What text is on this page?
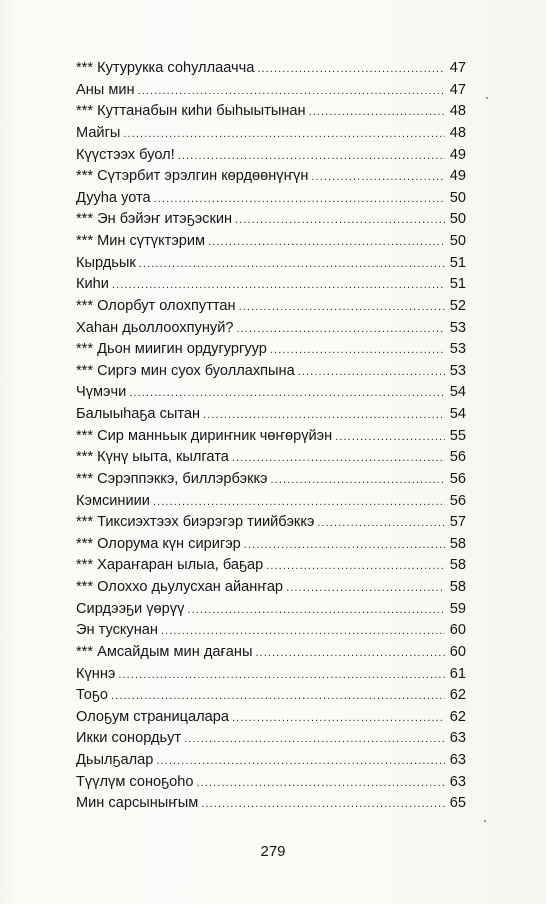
*** Кутурукка соһуллаачча .....	47
Аны мин .....	47
*** Куттанабын киһи быһыытынан .....	48
Майгы .....	48
Күүстээх буол! .....	49
*** Сүтэрбит эрэлгин көрдөөнүҥүн .....	49
Дууһа уота .....	50
*** Эн бэйэҥ итэҕэскин .....	50
*** Мин сүтүктэрим .....	50
Кырдьык .....	51
Киһи .....	51
*** Олорбут олохпуттан .....	52
Хаһан дьоллоохпунуй? .....	53
*** Дьон миигин ордугургуур .....	53
*** Сиргэ мин суох буоллахпына .....	53
Чүмэчи .....	54
Балыыһаҕа сытан .....	54
*** Сир манньык дириҥник чөҥөрүйэн .....	55
*** Күнү ыыта, кылгата .....	56
*** Сэрэппэккэ, биллэрбэккэ .....	56
Кэмсиниии .....	56
*** Тиксиэхтээх биэрэгэр тиийбэккэ .....	57
*** Олорума күн сиригэр .....	58
*** Хараҥаран ылыа, баҕар .....	58
*** Олоххо дьулусхан айанҥар .....	58
Сирдээҕи үөрүү .....	59
Эн тускунан .....	60
*** Амсайдым мин дағаны .....	60
Күннэ .....	61
Тоҕо .....	62
Олоҕум страницалара .....	62
Икки сонордьут .....	63
Дьылҕалар .....	63
Түүлүм соноҕоһо .....	63
Мин сарсыныҥым .....	65
279
